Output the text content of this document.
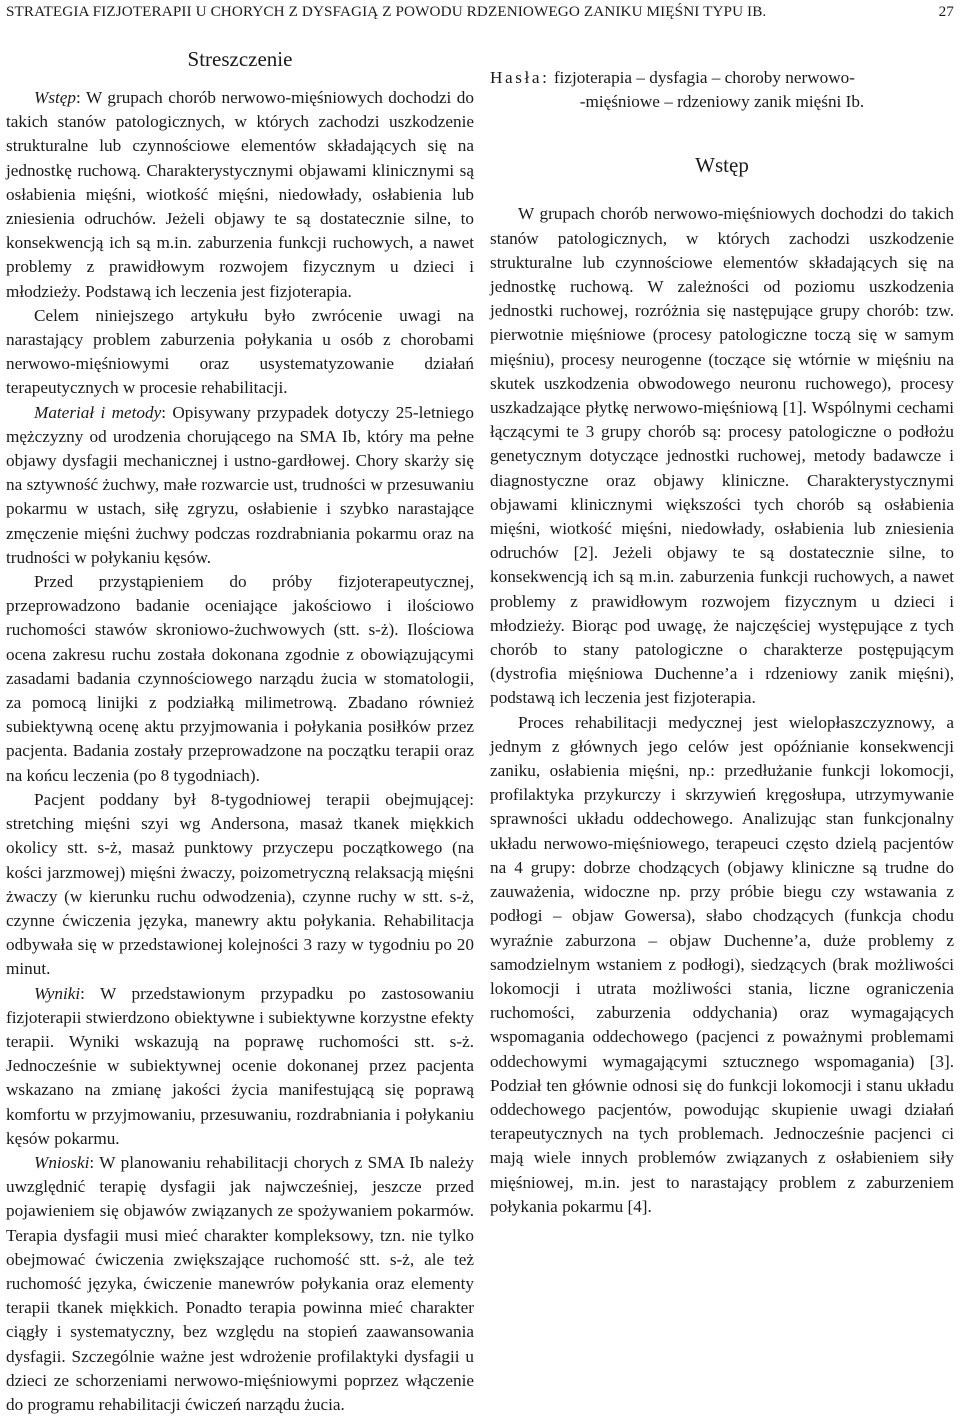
STRATEGIA FIZJOTERAPII U CHORYCH Z DYSFAGIĄ Z POWODU RDZENIOWEGO ZANIKU MIĘŚNI TYPU IB.	27
Streszczenie

Wstęp: W grupach chorób nerwowo-mięśniowych dochodzi do takich stanów patologicznych, w których zachodzi uszkodzenie strukturalne lub czynnościowe elementów składających się na jednostkę ruchową. Charakterystycznymi objawami klinicznymi są osłabienia mięśni, wiotkość mięśni, niedowłady, osłabienia lub zniesienia odruchów. Jeżeli objawy te są dostatecznie silne, to konsekwencją ich są m.in. zaburzenia funkcji ruchowych, a nawet problemy z prawidłowym rozwojem fizycznym u dzieci i młodzieży. Podstawą ich leczenia jest fizjoterapia.

Celem niniejszego artykułu było zwrócenie uwagi na narastający problem zaburzenia połykania u osób z chorobami nerwowo-mięśniowymi oraz usystematyzowanie działań terapeutycznych w procesie rehabilitacji.

Materiał i metody: Opisywany przypadek dotyczy 25-letniego mężczyzny od urodzenia chorującego na SMA Ib, który ma pełne objawy dysfagii mechanicznej i ustno-gardłowej. Chory skarży się na sztywność żuchwy, małe rozwarcie ust, trudności w przesuwaniu pokarmu w ustach, siłę zgryzu, osłabienie i szybko narastające zmęczenie mięśni żuchwy podczas rozdrabniania pokarmu oraz na trudności w połykaniu kęsów.

Przed przystąpieniem do próby fizjoterapeutycznej, przeprowadzono badanie oceniające jakościowo i ilościowo ruchomości stawów skroniowo-żuchwowych (stt. s-ż). Ilościowa ocena zakresu ruchu została dokonana zgodnie z obowiązującymi zasadami badania czynnościowego narządu żucia w stomatologii, za pomocą linijki z podziałką milimetrową. Zbadano również subiektywną ocenę aktu przyjmowania i połykania posiłków przez pacjenta. Badania zostały przeprowadzone na początku terapii oraz na końcu leczenia (po 8 tygodniach).

Pacjent poddany był 8-tygodniowej terapii obejmującej: stretching mięśni szyi wg Andersona, masaż tkanek miękkich okolicy stt. s-ż, masaż punktowy przyczepu początkowego (na kości jarzmowej) mięśni żwaczy, poizometryczną relaksacją mięśni żwaczy (w kierunku ruchu odwodzenia), czynne ruchy w stt. s-ż, czynne ćwiczenia języka, manewry aktu połykania. Rehabilitacja odbywała się w przedstawionej kolejności 3 razy w tygodniu po 20 minut.

Wyniki: W przedstawionym przypadku po zastosowaniu fizjoterapii stwierdzono obiektywne i subiektywne korzystne efekty terapii. Wyniki wskazują na poprawę ruchomości stt. s-ż. Jednocześnie w subiektywnej ocenie dokonanej przez pacjenta wskazano na zmianę jakości życia manifestującą się poprawą komfortu w przyjmowaniu, przesuwaniu, rozdrabniania i połykaniu kęsów pokarmu.

Wnioski: W planowaniu rehabilitacji chorych z SMA Ib należy uwzględnić terapię dysfagii jak najwcześniej, jeszcze przed pojawieniem się objawów związanych ze spożywaniem pokarmów. Terapia dysfagii musi mieć charakter kompleksowy, tzn. nie tylko obejmować ćwiczenia zwiększające ruchomość stt. s-ż, ale też ruchomość języka, ćwiczenie manewrów połykania oraz elementy terapii tkanek miękkich. Ponadto terapia powinna mieć charakter ciągły i systematyczny, bez względu na stopień zaawansowania dysfagii. Szczególnie ważne jest wdrożenie profilaktyki dysfagii u dzieci ze schorzeniami nerwowo-mięśniowymi poprzez włączenie do programu rehabilitacji ćwiczeń narządu żucia.

Hasła: fizjoterapia – dysfagia – choroby nerwowo-

-mięśniowe – rdzeniowy zanik mięśni Ib.

Wstęp

W grupach chorób nerwowo-mięśniowych dochodzi do takich stanów patologicznych, w których zachodzi uszkodzenie strukturalne lub czynnościowe elementów składających się na jednostkę ruchową. W zależności od poziomu uszkodzenia jednostki ruchowej, rozróżnia się następujące grupy chorób: tzw. pierwotnie mięśniowe (procesy patologiczne toczą się w samym mięśniu), procesy neurogenne (toczące się wtórnie w mięśniu na skutek uszkodzenia obwodowego neuronu ruchowego), procesy uszkadzające płytkę nerwowo-mięśniową [1]. Wspólnymi cechami łączącymi te 3 grupy chorób są: procesy patologiczne o podłożu genetycznym dotyczące jednostki ruchowej, metody badawcze i diagnostyczne oraz objawy kliniczne. Charakterystycznymi objawami klinicznymi większości tych chorób są osłabienia mięśni, wiotkość mięśni, niedowłady, osłabienia lub zniesienia odruchów [2]. Jeżeli objawy te są dostatecznie silne, to konsekwencją ich są m.in. zaburzenia funkcji ruchowych, a nawet problemy z prawidłowym rozwojem fizycznym u dzieci i młodzieży. Biorąc pod uwagę, że najczęściej występujące z tych chorób to stany patologiczne o charakterze postępującym (dystrofia mięśniowa Duchenne’a i rdzeniowy zanik mięśni), podstawą ich leczenia jest fizjoterapia.

Proces rehabilitacji medycznej jest wielopłaszczyznowy, a jednym z głównych jego celów jest opóźnianie konsekwencji zaniku, osłabienia mięśni, np.: przedłużanie funkcji lokomocji, profilaktyka przykurczy i skrzywień kręgosłupa, utrzymywanie sprawności układu oddechowego. Analizując stan funkcjonalny układu nerwowo-mięśniowego, terapeuci często dzielą pacjentów na 4 grupy: dobrze chodzących (objawy kliniczne są trudne do zauważenia, widoczne np. przy próbie biegu czy wstawania z podłogi – objaw Gowersa), słabo chodzących (funkcja chodu wyraźnie zaburzona – objaw Duchenne’a, duże problemy z samodzielnym wstaniem z podłogi), siedzących (brak możliwości lokomocji i utrata możliwości stania, liczne ograniczenia ruchomości, zaburzenia oddychania) oraz wymagających wspomagania oddechowego (pacjenci z poważnymi problemami oddechowymi wymagającymi sztucznego wspomagania) [3]. Podział ten głównie odnosi się do funkcji lokomocji i stanu układu oddechowego pacjentów, powodując skupienie uwagi działań terapeutycznych na tych problemach. Jednocześnie pacjenci ci mają wiele innych problemów związanych z osłabieniem siły mięśniowej, m.in. jest to narastający problem z zaburzeniem połykania pokarmu [4].
